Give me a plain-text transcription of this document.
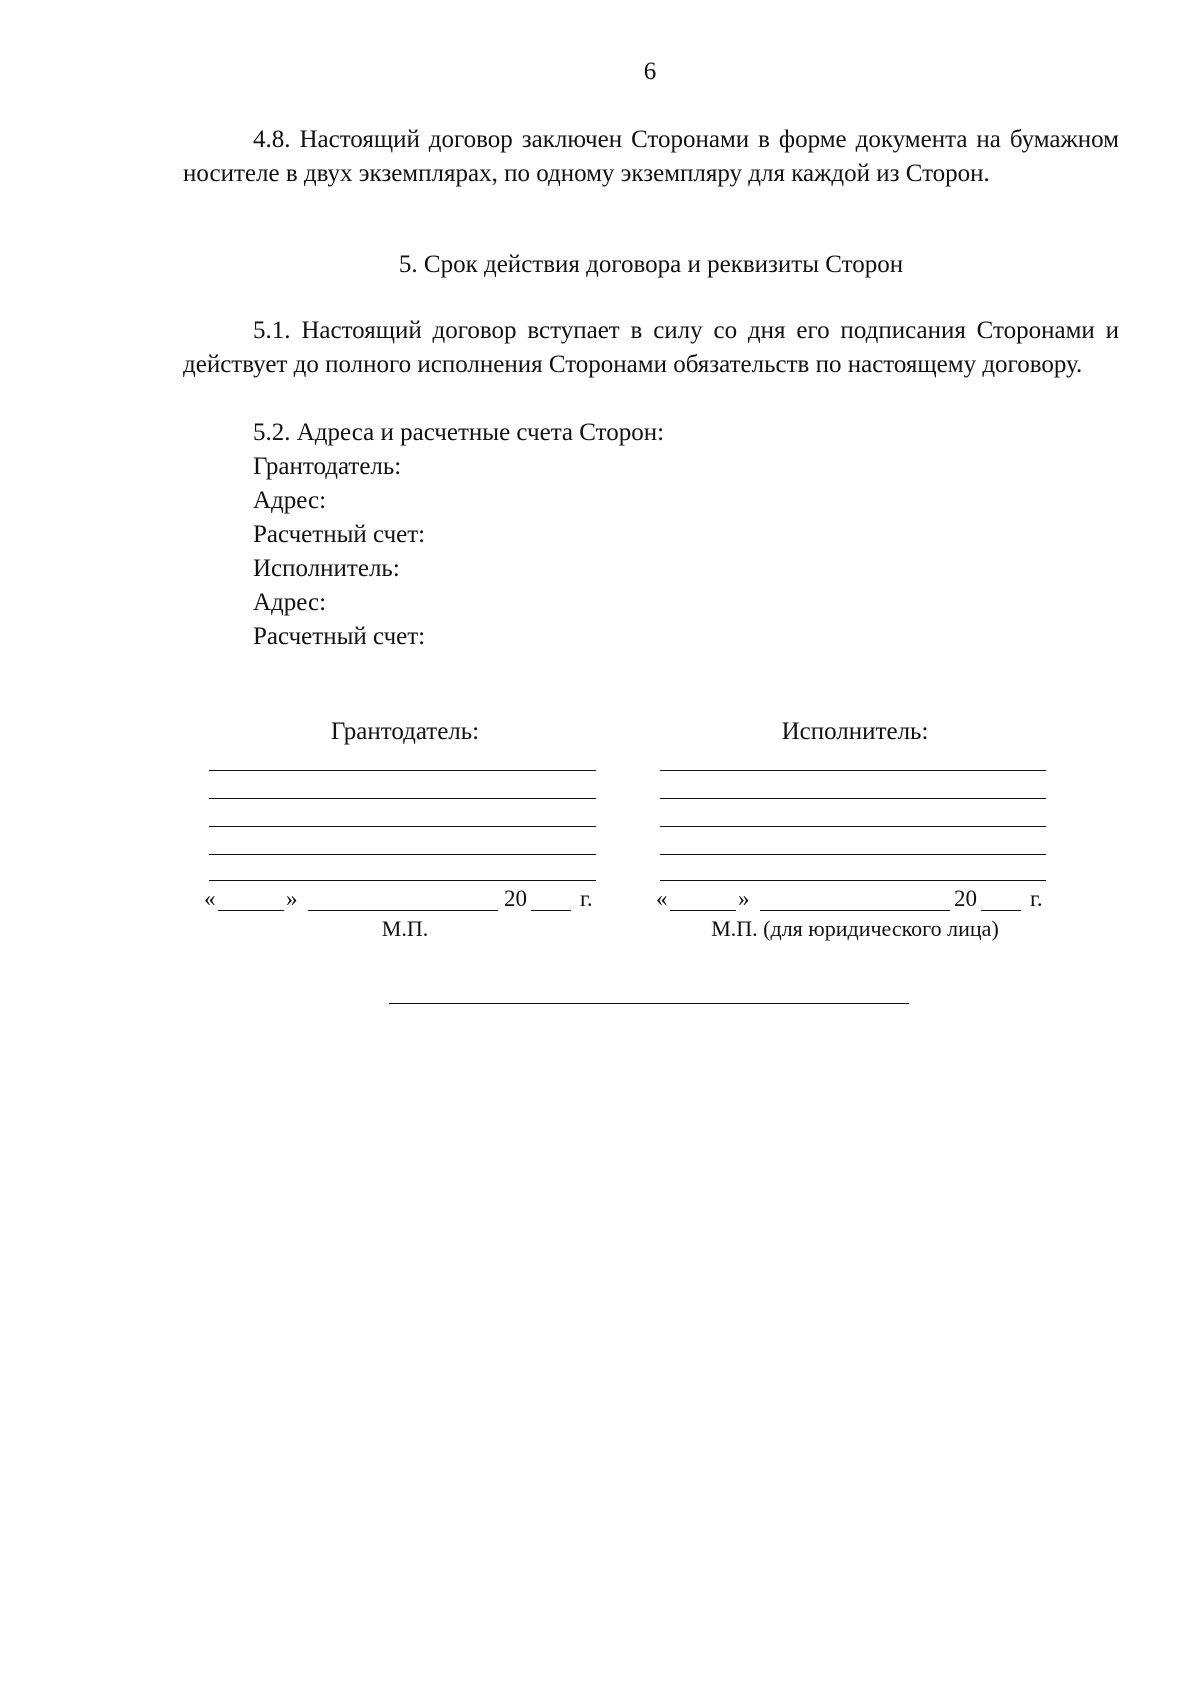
6

4.8. Настоящий договор заключен Сторонами в форме документа на бумажном носителе в двух экземплярах, по одному экземпляру для каждой из Сторон.

5. Срок действия договора и реквизиты Сторон

5.1. Настоящий договор вступает в силу со дня его подписания Сторонами и действует до полного исполнения Сторонами обязательств по настоящему договору.

5.2. Адреса и расчетные счета Сторон:
Грантодатель:
Адрес:
Расчетный счет:
Исполнитель:
Адрес:
Расчетный счет:
Грантодатель:
«	»	20 г.
М.П.
Исполнитель:
«	»	20 г.
М.П. (для юридического лица)
